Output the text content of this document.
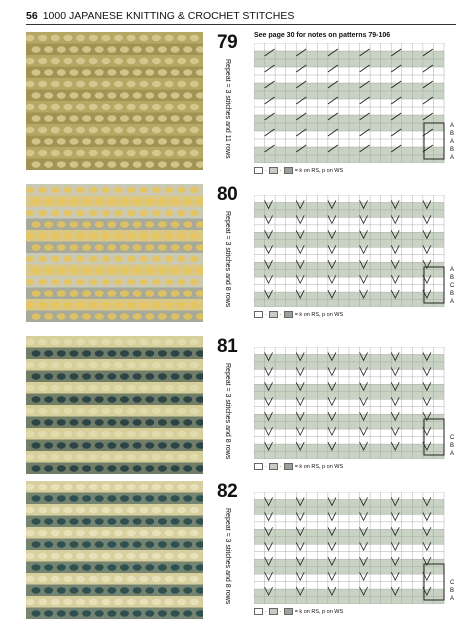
56 1000 JAPANESE KNITTING & CROCHET STITCHES
See page 30 for notes on patterns 79-106
79
Repeat = 3 stitches and 11 rows
·
· = k on RS, p on WS
A
B
A
B
A
80
Repeat = 3 stitches and 8 rows
·
· = k on RS, p on WS
A
B
C
B
A
81
Repeat = 3 stitches and 8 rows
·
· = k on RS, p on WS
C
B
A
82
Repeat = 3 stitches and 8 rows
·
· = k on RS, p on WS
C
B
A
